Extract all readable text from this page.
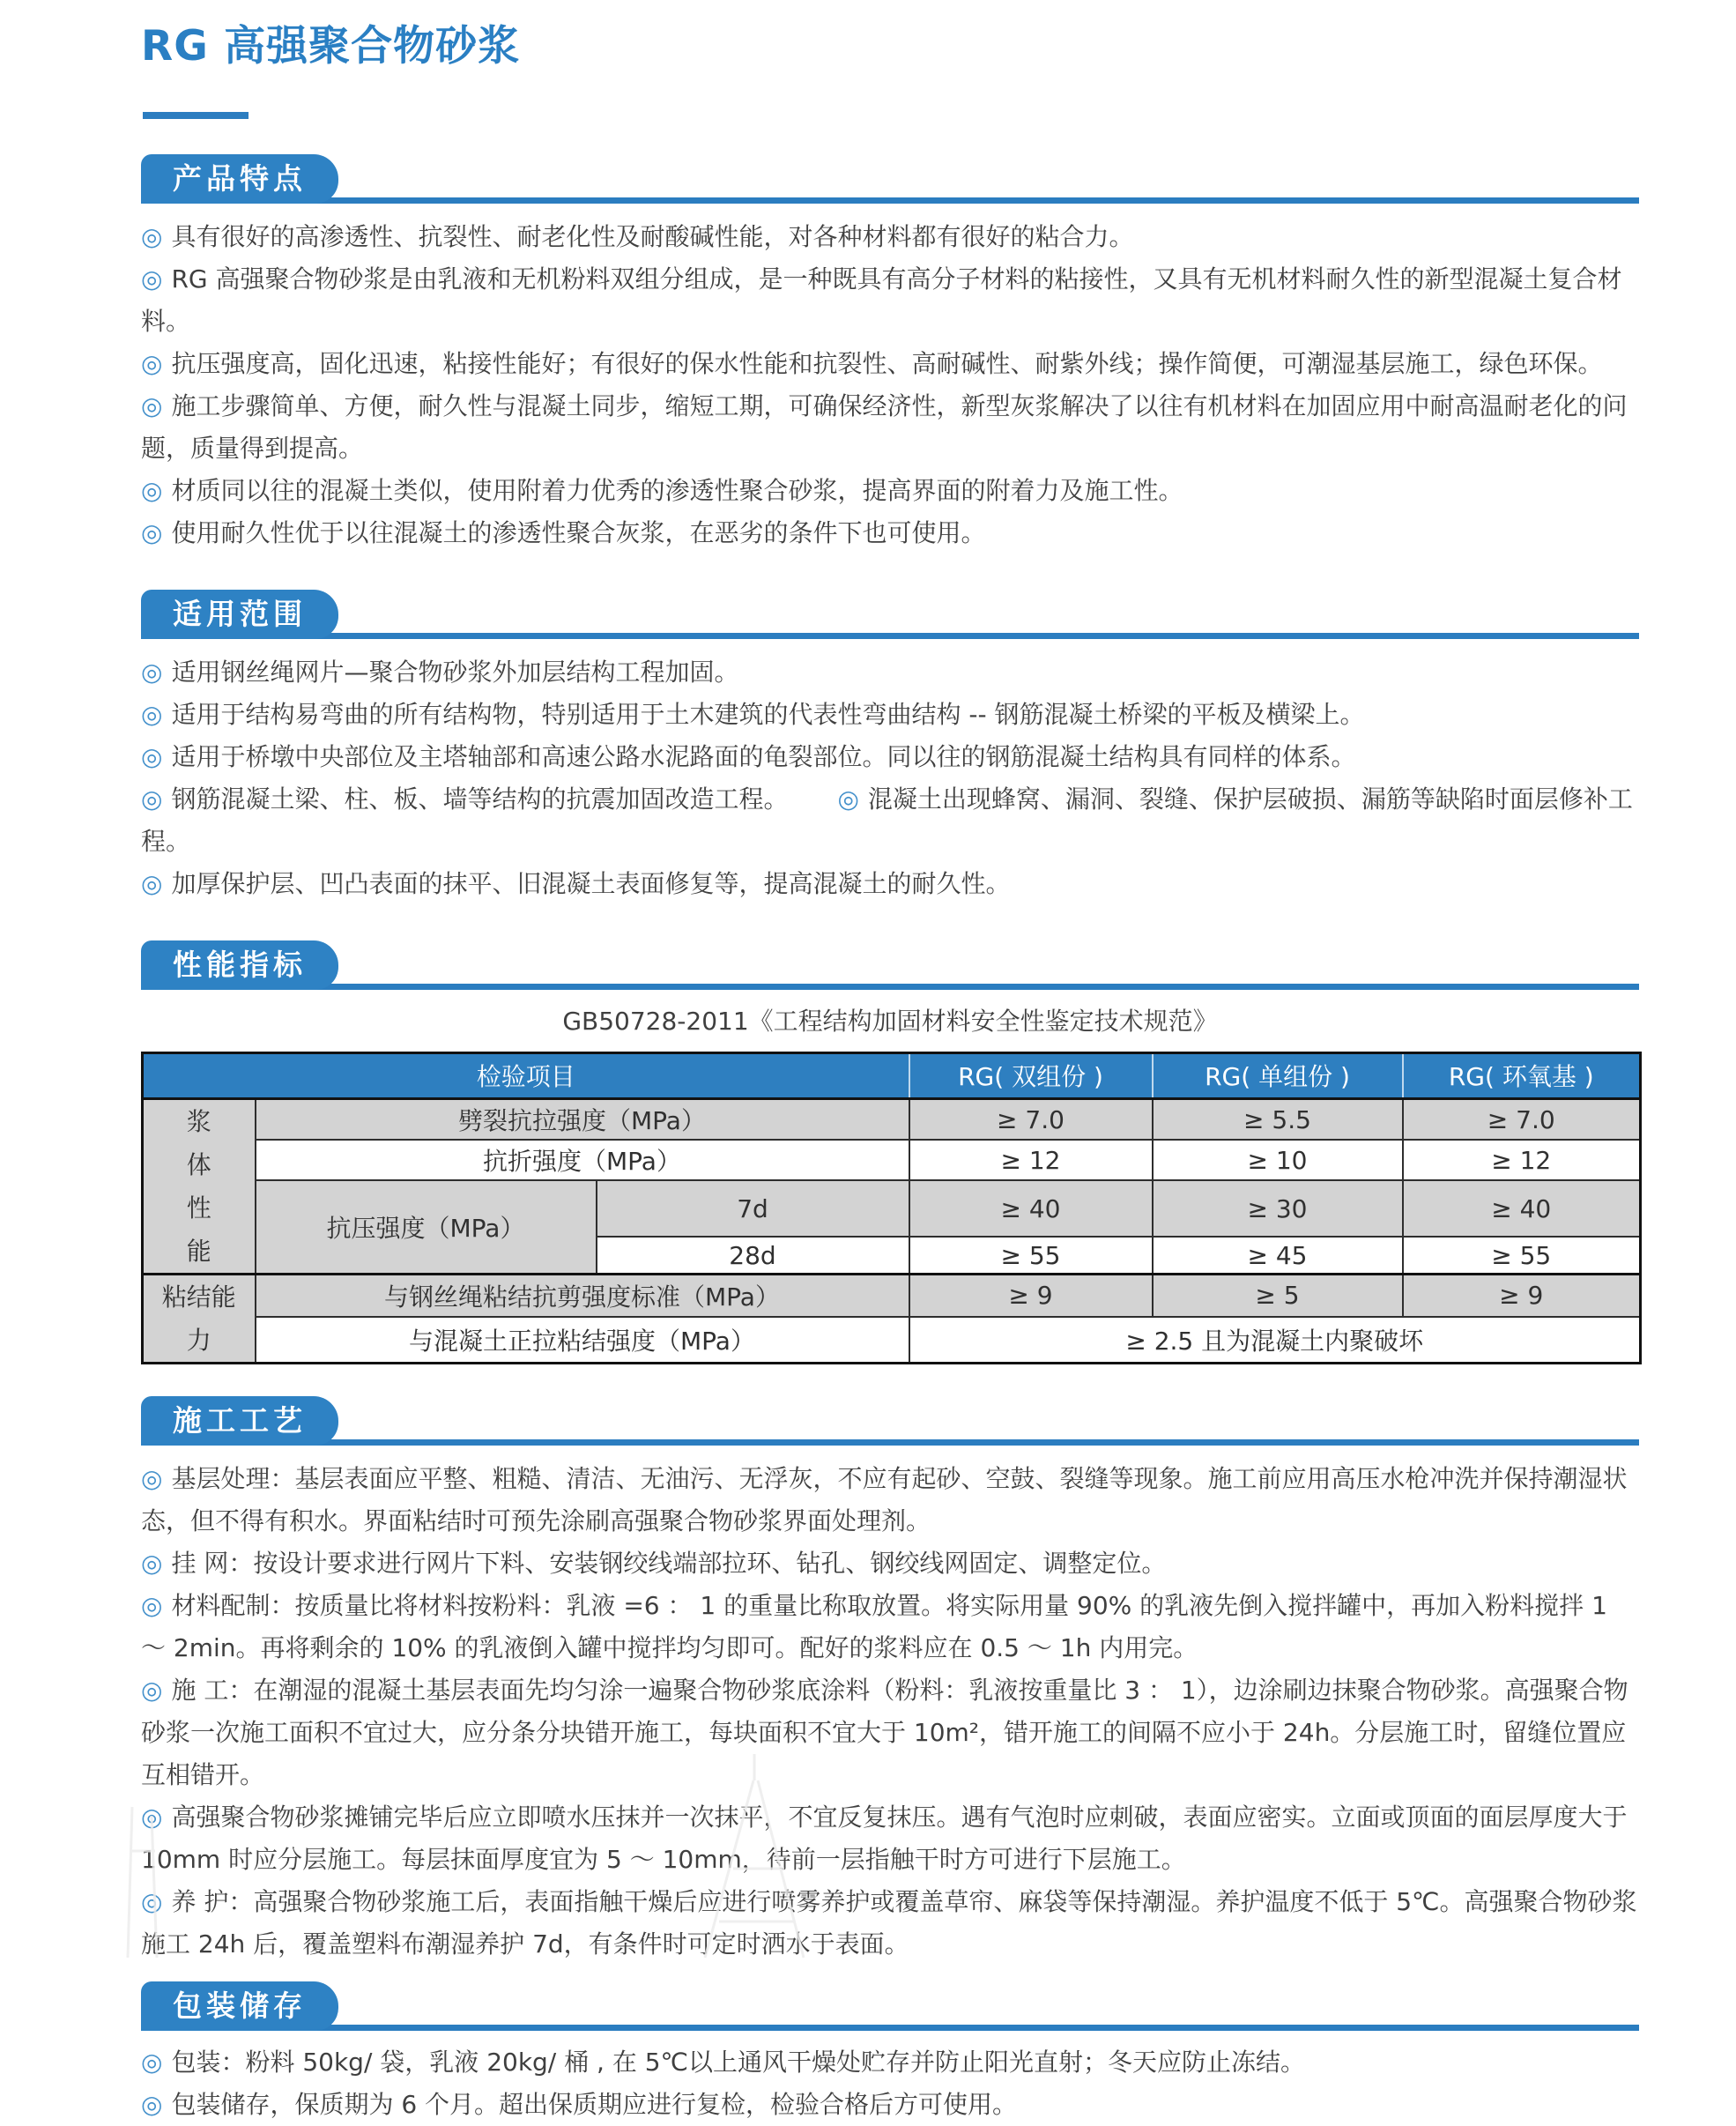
RG 高强聚合物砂浆
产品特点

◎ 具有很好的高渗透性、抗裂性、耐老化性及耐酸碱性能，对各种材料都有很好的粘合力。

◎ RG 高强聚合物砂浆是由乳液和无机粉料双组分组成，是一种既具有高分子材料的粘接性，又具有无机材料耐久性的新型混凝土复合材料。

◎ 抗压强度高，固化迅速，粘接性能好；有很好的保水性能和抗裂性、高耐碱性、耐紫外线；操作简便，可潮湿基层施工，绿色环保。

◎ 施工步骤简单、方便，耐久性与混凝土同步，缩短工期，可确保经济性，新型灰浆解决了以往有机材料在加固应用中耐高温耐老化的问题，质量得到提高。

◎ 材质同以往的混凝土类似，使用附着力优秀的渗透性聚合砂浆，提高界面的附着力及施工性。

◎ 使用耐久性优于以往混凝土的渗透性聚合灰浆，在恶劣的条件下也可使用。

适用范围

◎ 适用钢丝绳网片—聚合物砂浆外加层结构工程加固。

◎ 适用于结构易弯曲的所有结构物，特别适用于土木建筑的代表性弯曲结构 -- 钢筋混凝土桥梁的平板及横梁上。

◎ 适用于桥墩中央部位及主塔轴部和高速公路水泥路面的龟裂部位。同以往的钢筋混凝土结构具有同样的体系。

◎ 钢筋混凝土梁、柱、板、墙等结构的抗震加固改造工程。 ◎ 混凝土出现蜂窝、漏洞、裂缝、保护层破损、漏筋等缺陷时面层修补工程。

◎ 加厚保护层、凹凸表面的抹平、旧混凝土表面修复等，提高混凝土的耐久性。

性能指标
GB50728-2011《工程结构加固材料安全性鉴定技术规范》
检验项目			RG( 双组份 )	RG( 单组份 )	RG( 环氧基 )

浆体性能	劈裂抗拉强度（MPa）		≥ 7.0	≥ 5.5	≥ 7.0
	抗折强度（MPa）		≥ 12	≥ 10	≥ 12
	抗压强度（MPa）	7d	≥ 40	≥ 30	≥ 40
		28d	≥ 55	≥ 45	≥ 55

粘结能力	与钢丝绳粘结抗剪强度标准（MPa）		≥ 9	≥ 5	≥ 9
	与混凝土正拉粘结强度（MPa）		≥ 2.5 且为混凝土内聚破坏		
施工工艺

◎ 基层处理：基层表面应平整、粗糙、清洁、无油污、无浮灰，不应有起砂、空鼓、裂缝等现象。施工前应用高压水枪冲洗并保持潮湿状态，但不得有积水。界面粘结时可预先涂刷高强聚合物砂浆界面处理剂。

◎ 挂 网：按设计要求进行网片下料、安装钢绞线端部拉环、钻孔、钢绞线网固定、调整定位。

◎ 材料配制：按质量比将材料按粉料：乳液 =6 ： 1 的重量比称取放置。将实际用量 90% 的乳液先倒入搅拌罐中，再加入粉料搅拌 1 ～ 2min。再将剩余的 10% 的乳液倒入罐中搅拌均匀即可。配好的浆料应在 0.5 ～ 1h 内用完。

◎ 施 工：在潮湿的混凝土基层表面先均匀涂一遍聚合物砂浆底涂料（粉料：乳液按重量比 3 ： 1），边涂刷边抹聚合物砂浆。高强聚合物砂浆一次施工面积不宜过大，应分条分块错开施工，每块面积不宜大于 10m²，错开施工的间隔不应小于 24h。分层施工时，留缝位置应互相错开。

◎ 高强聚合物砂浆摊铺完毕后应立即喷水压抹并一次抹平，不宜反复抹压。遇有气泡时应刺破，表面应密实。立面或顶面的面层厚度大于 10mm 时应分层施工。每层抹面厚度宜为 5 ～ 10mm，待前一层指触干时方可进行下层施工。

◎ 养 护：高强聚合物砂浆施工后，表面指触干燥后应进行喷雾养护或覆盖草帘、麻袋等保持潮湿。养护温度不低于 5℃。高强聚合物砂浆施工 24h 后，覆盖塑料布潮湿养护 7d，有条件时可定时洒水于表面。

包装储存

◎ 包装：粉料 50kg/ 袋，乳液 20kg/ 桶 , 在 5℃以上通风干燥处贮存并防止阳光直射；冬天应防止冻结。

◎ 包装储存，保质期为 6 个月。超出保质期应进行复检，检验合格后方可使用。
